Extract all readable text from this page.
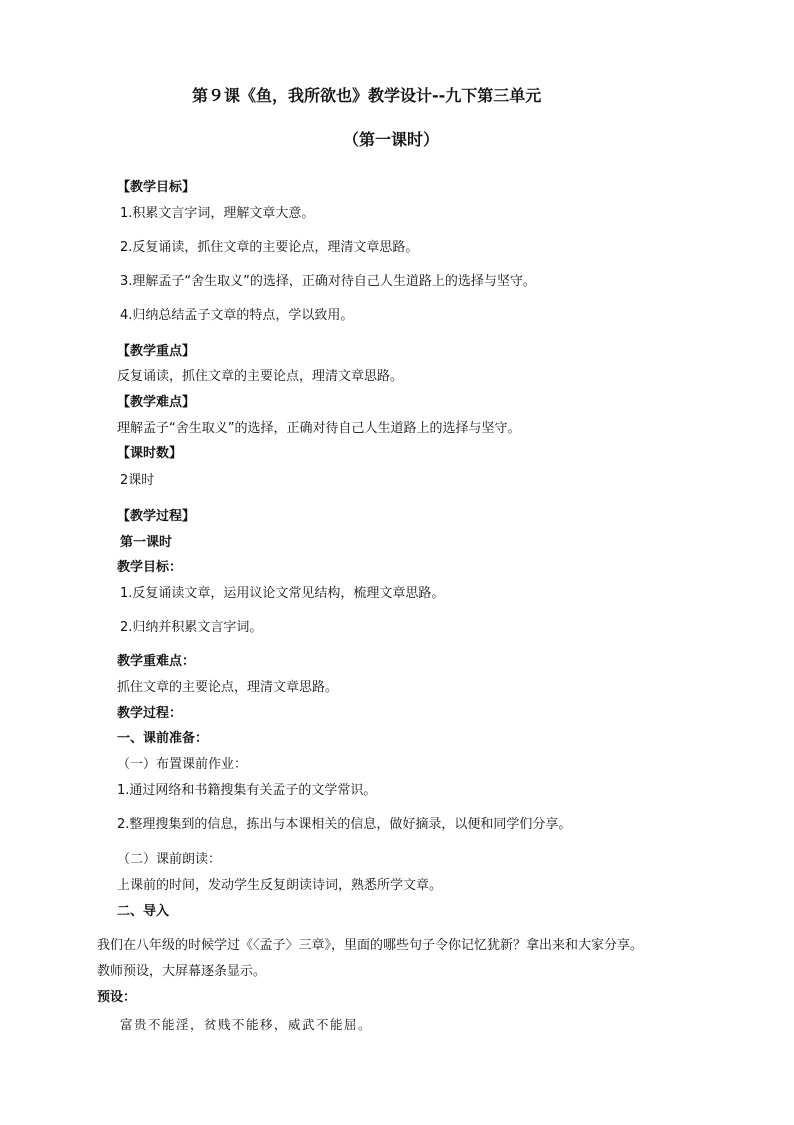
第９课《鱼，我所欲也》教学设计--九下第三单元
（第一课时）
【教学目标】
1.积累文言字词，理解文章大意。
2.反复诵读，抓住文章的主要论点，理清文章思路。
3.理解孟子“舍生取义”的选择，正确对待自己人生道路上的选择与坚守。
4.归纳总结孟子文章的特点，学以致用。
【教学重点】
反复诵读，抓住文章的主要论点，理清文章思路。
【教学难点】
理解孟子“舍生取义”的选择，正确对待自己人生道路上的选择与坚守。
【课时数】
2课时
【教学过程】
第一课时
教学目标：
1.反复诵读文章，运用议论文常见结构，梳理文章思路。
2.归纳并积累文言字词。
教学重难点：
抓住文章的主要论点，理清文章思路。
教学过程：
一、课前准备：
（一）布置课前作业：
1.通过网络和书籍搜集有关孟子的文学常识。
2.整理搜集到的信息，拣出与本课相关的信息，做好摘录，以便和同学们分享。
（二）课前朗读：
上课前的时间，发动学生反复朗读诗词，熟悉所学文章。
二、导入
我们在八年级的时候学过《〈孟子〉三章》，里面的哪些句子令你记忆犹新？拿出来和大家分享。
教师预设，大屏幕逐条显示。
预设：
富贵不能淫，贫贱不能移，威武不能屈。
